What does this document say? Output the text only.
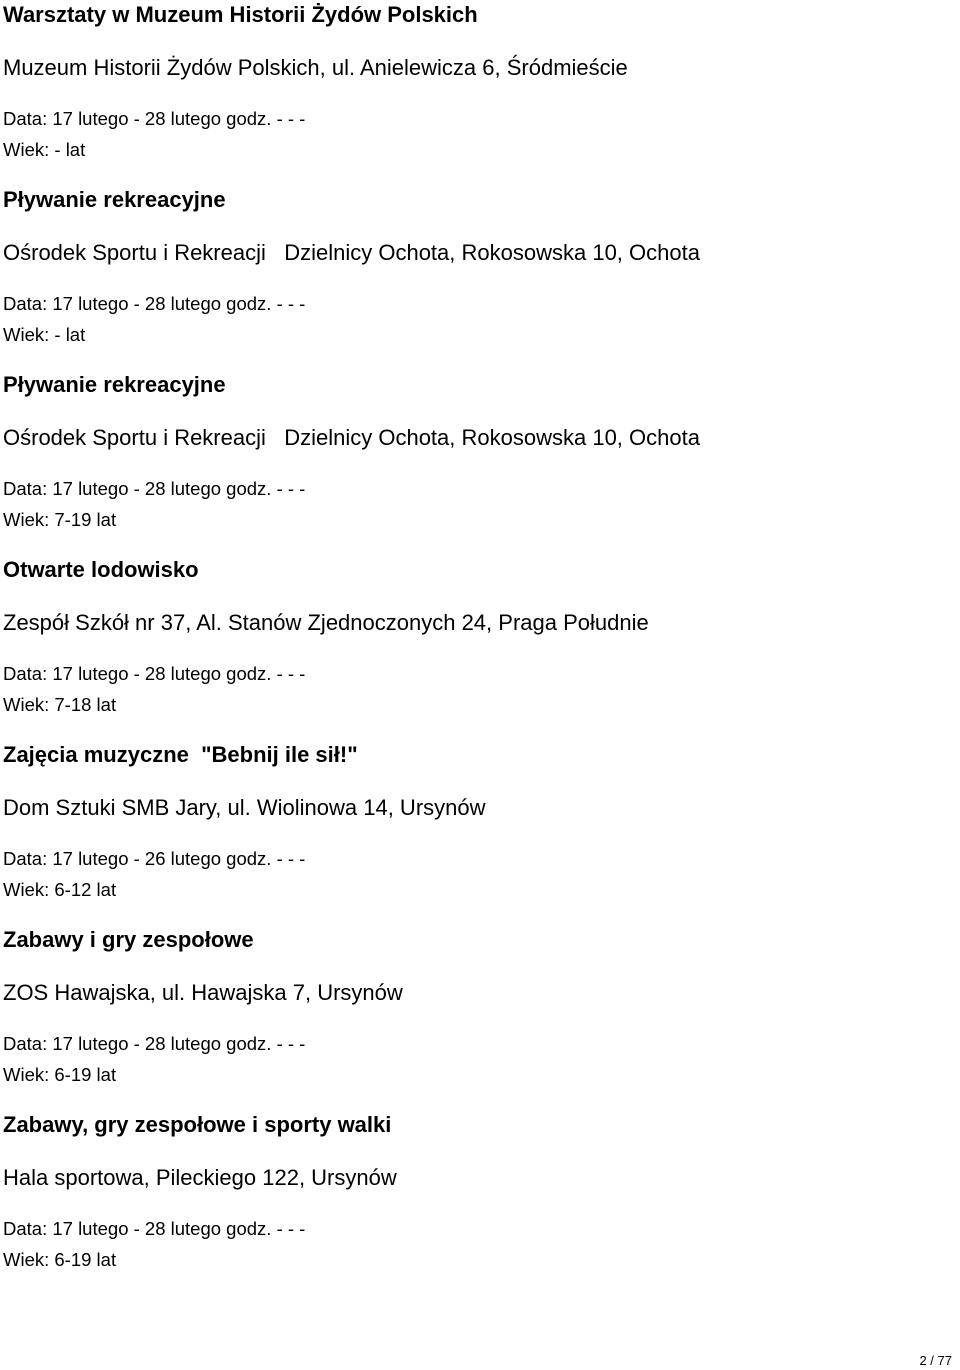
Warsztaty w Muzeum Historii Żydów Polskich
Muzeum Historii Żydów Polskich, ul. Anielewicza 6, Śródmieście
Data: 17 lutego - 28 lutego godz. - - -
Wiek: - lat
Pływanie rekreacyjne
Ośrodek Sportu i Rekreacji   Dzielnicy Ochota, Rokosowska 10, Ochota
Data: 17 lutego - 28 lutego godz. - - -
Wiek: - lat
Pływanie rekreacyjne
Ośrodek Sportu i Rekreacji   Dzielnicy Ochota, Rokosowska 10, Ochota
Data: 17 lutego - 28 lutego godz. - - -
Wiek: 7-19 lat
Otwarte lodowisko
Zespół Szkół nr 37, Al. Stanów Zjednoczonych 24, Praga Południe
Data: 17 lutego - 28 lutego godz. - - -
Wiek: 7-18 lat
Zajęcia muzyczne  "Bebnij ile sił!"
Dom Sztuki SMB Jary, ul. Wiolinowa 14, Ursynów
Data: 17 lutego - 26 lutego godz. - - -
Wiek: 6-12 lat
Zabawy i gry zespołowe
ZOS Hawajska, ul. Hawajska 7, Ursynów
Data: 17 lutego - 28 lutego godz. - - -
Wiek: 6-19 lat
Zabawy, gry zespołowe i sporty walki
Hala sportowa, Pileckiego 122, Ursynów
Data: 17 lutego - 28 lutego godz. - - -
Wiek: 6-19 lat
2 / 77
